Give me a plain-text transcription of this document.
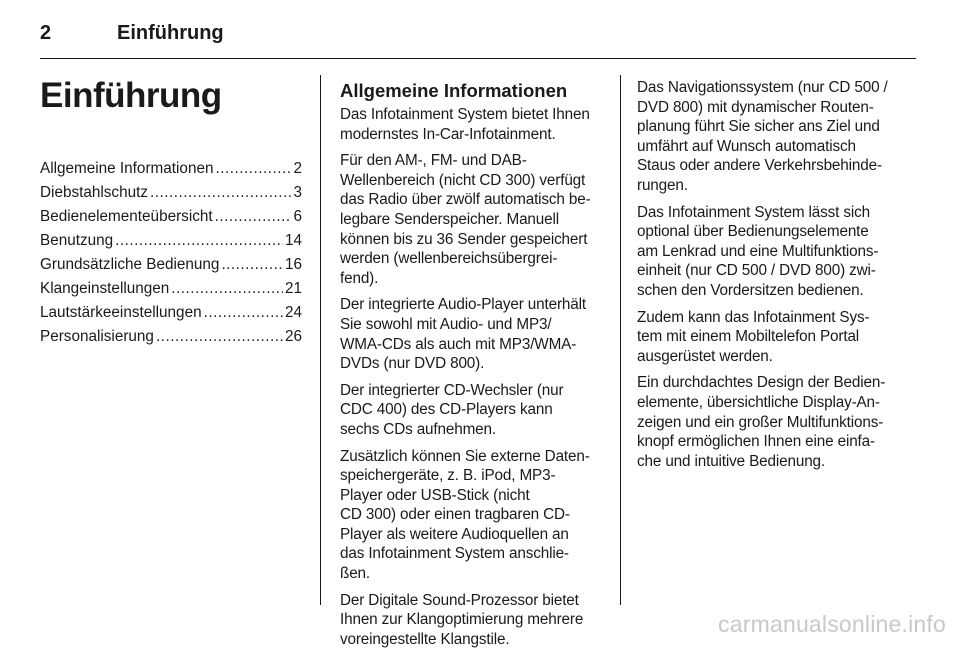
2	Einführung
Einführung
Allgemeine Informationen .....	2
Diebstahlschutz .....	3
Bedienelementeübersicht .....	6
Benutzung .....	14
Grundsätzliche Bedienung .....	16
Klangeinstellungen .....	21
Lautstärkeeinstellungen .....	24
Personalisierung .....	26
Allgemeine Informationen

Das Infotainment System bietet Ihnen
modernstes In-Car-Infotainment.

Für den AM-, FM- und DAB-
Wellenbereich (nicht CD 300) verfügt
das Radio über zwölf automatisch be-
legbare Senderspeicher. Manuell
können bis zu 36 Sender gespeichert
werden (wellenbereichsübergrei-
fend).

Der integrierte Audio-Player unterhält
Sie sowohl mit Audio- und MP3/
WMA-CDs als auch mit MP3/WMA-
DVDs (nur DVD 800).

Der integrierter CD-Wechsler (nur
CDC 400) des CD-Players kann
sechs CDs aufnehmen.

Zusätzlich können Sie externe Daten-
speichergeräte, z. B. iPod, MP3-
Player oder USB-Stick (nicht
CD 300) oder einen tragbaren CD-
Player als weitere Audioquellen an
das Infotainment System anschlie-
ßen.

Der Digitale Sound-Prozessor bietet
Ihnen zur Klangoptimierung mehrere
voreingestellte Klangstile.

Das Navigationssystem (nur CD 500 /
DVD 800) mit dynamischer Routen-
planung führt Sie sicher ans Ziel und
umfährt auf Wunsch automatisch
Staus oder andere Verkehrsbehinde-
rungen.

Das Infotainment System lässt sich
optional über Bedienungselemente
am Lenkrad und eine Multifunktions-
einheit (nur CD 500 / DVD 800) zwi-
schen den Vordersitzen bedienen.

Zudem kann das Infotainment Sys-
tem mit einem Mobiltelefon Portal
ausgerüstet werden.

Ein durchdachtes Design der Bedien-
elemente, übersichtliche Display-An-
zeigen und ein großer Multifunktions-
knopf ermöglichen Ihnen eine einfa-
che und intuitive Bedienung.

carmanualsonline.info
